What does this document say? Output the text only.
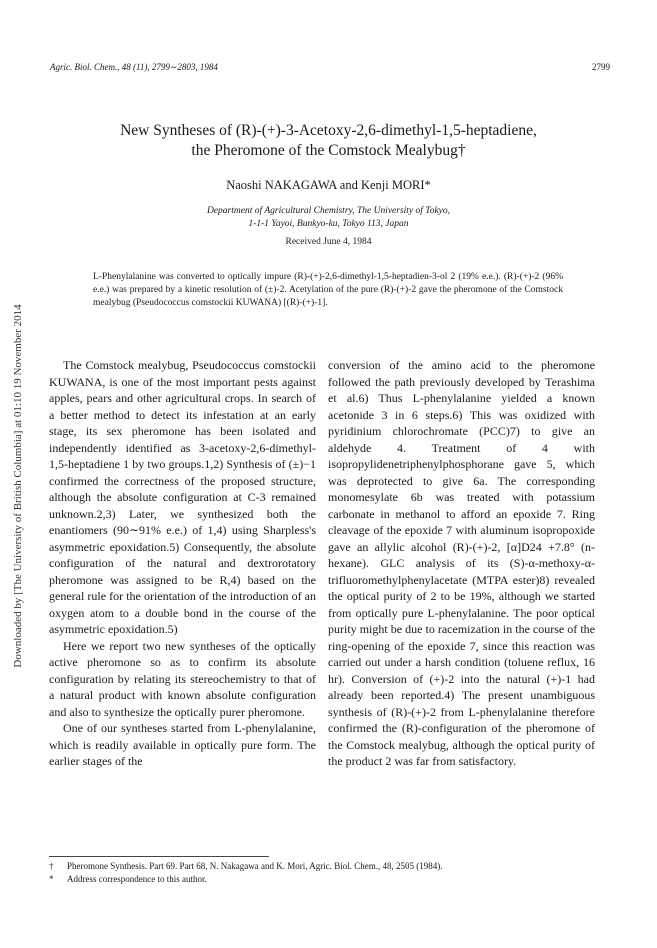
Agric. Biol. Chem., 48 (11), 2799∼2803, 1984	2799
Downloaded by [The University of British Columbia] at 01:10 19 November 2014
New Syntheses of (R)-(+)-3-Acetoxy-2,6-dimethyl-1,5-heptadiene,
the Pheromone of the Comstock Mealybug†
Naoshi NAKAGAWA and Kenji MORI*
Department of Agricultural Chemistry, The University of Tokyo,
1-1-1 Yayoi, Bunkyo-ku, Tokyo 113, Japan
Received June 4, 1984
L-Phenylalanine was converted to optically impure (R)-(+)-2,6-dimethyl-1,5-heptadien-3-ol 2 (19% e.e.). (R)-(+)-2 (96% e.e.) was prepared by a kinetic resolution of (±)-2. Acetylation of the pure (R)-(+)-2 gave the pheromone of the Comstock mealybug (Pseudococcus comstockii KUWANA) [(R)-(+)-1].

The Comstock mealybug, Pseudococcus comstockii KUWANA, is one of the most important pests against apples, pears and other agricultural crops. In search of a better method to detect its infestation at an early stage, its sex pheromone has been isolated and independently identified as 3-acetoxy-2,6-dimethyl-1,5-heptadiene 1 by two groups.1,2) Synthesis of (±)−1 confirmed the correctness of the proposed structure, although the absolute configuration at C-3 remained unknown.2,3) Later, we synthesized both the enantiomers (90∼91% e.e.) of 1,4) using Sharpless's asymmetric epoxidation.5) Consequently, the absolute configuration of the natural and dextrorotatory pheromone was assigned to be R,4) based on the general rule for the orientation of the introduction of an oxygen atom to a double bond in the course of the asymmetric epoxidation.5)

Here we report two new syntheses of the optically active pheromone so as to confirm its absolute configuration by relating its stereochemistry to that of a natural product with known absolute configuration and also to synthesize the optically purer pheromone.

One of our syntheses started from L-phenylalanine, which is readily available in optically pure form. The earlier stages of the

conversion of the amino acid to the pheromone followed the path previously developed by Terashima et al.6) Thus L-phenylalanine yielded a known acetonide 3 in 6 steps.6) This was oxidized with pyridinium chlorochromate (PCC)7) to give an aldehyde 4. Treatment of 4 with isopropylidenetriphenylphosphorane gave 5, which was deprotected to give 6a. The corresponding monomesylate 6b was treated with potassium carbonate in methanol to afford an epoxide 7. Ring cleavage of the epoxide 7 with aluminum isopropoxide gave an allylic alcohol (R)-(+)-2, [α]D24 +7.8° (n-hexane). GLC analysis of its (S)-α-methoxy-α-trifluoromethylphenylacetate (MTPA ester)8) revealed the optical purity of 2 to be 19%, although we started from optically pure L-phenylalanine. The poor optical purity might be due to racemization in the course of the ring-opening of the epoxide 7, since this reaction was carried out under a harsh condition (toluene reflux, 16 hr). Conversion of (+)-2 into the natural (+)-1 had already been reported.4) The present unambiguous synthesis of (R)-(+)-2 from L-phenylalanine therefore confirmed the (R)-configuration of the pheromone of the Comstock mealybug, although the optical purity of the product 2 was far from satisfactory.

† Pheromone Synthesis. Part 69. Part 68, N. Nakagawa and K. Mori, Agric. Biol. Chem., 48, 2505 (1984).
* Address correspondence to this author.
